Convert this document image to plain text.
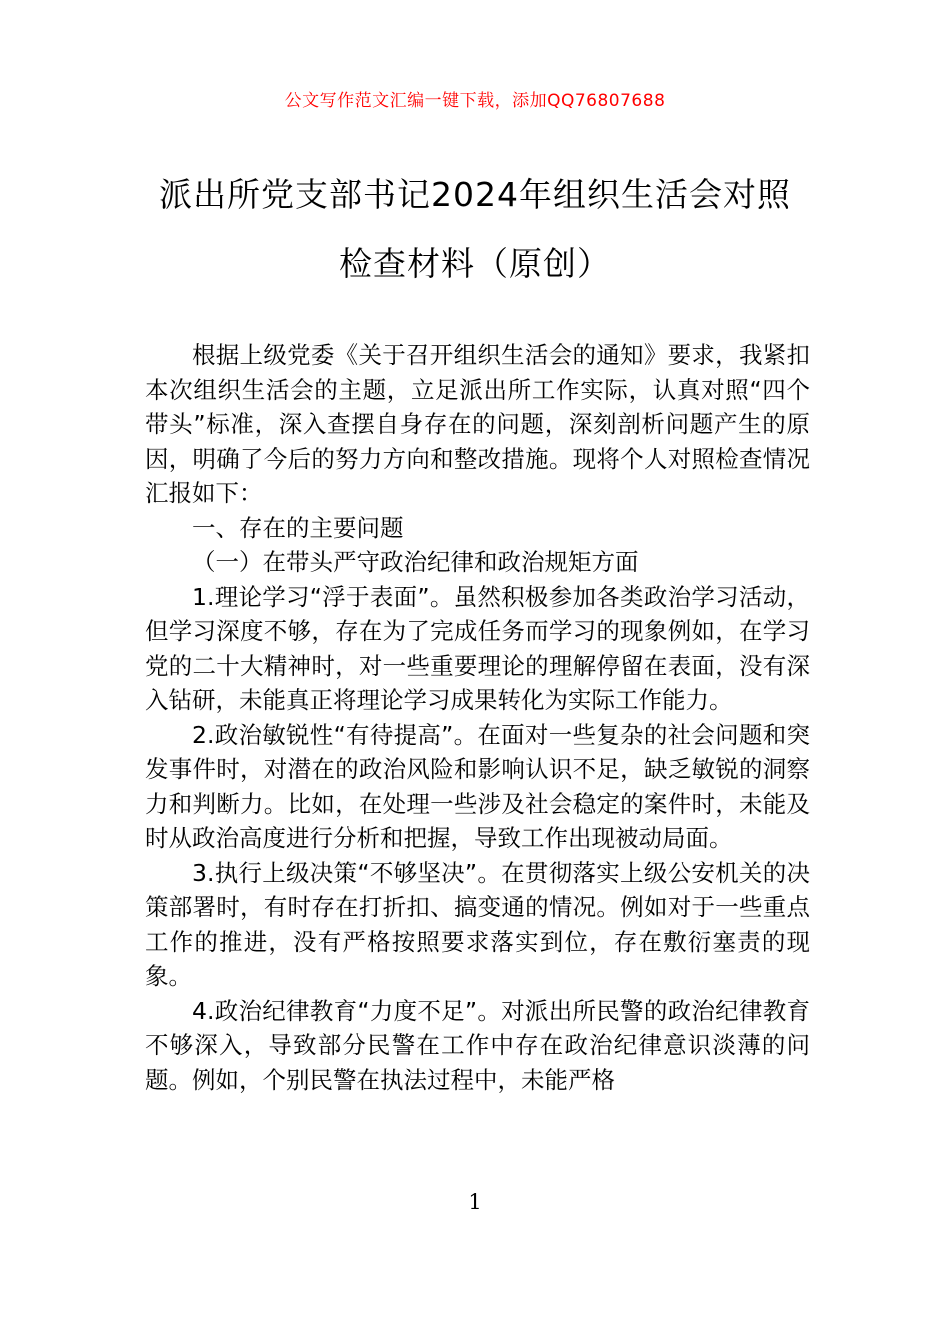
公文写作范文汇编一键下载，添加QQ76807688
派出所党支部书记2024年组织生活会对照
检查材料（原创）

根据上级党委《关于召开组织生活会的通知》要求，我紧扣本次组织生活会的主题，立足派出所工作实际，认真对照“四个带头”标准，深入查摆自身存在的问题，深刻剖析问题产生的原因，明确了今后的努力方向和整改措施。现将个人对照检查情况汇报如下：

一、存在的主要问题

（一）在带头严守政治纪律和政治规矩方面

1.理论学习“浮于表面”。虽然积极参加各类政治学习活动，但学习深度不够，存在为了完成任务而学习的现象例如，在学习党的二十大精神时，对一些重要理论的理解停留在表面，没有深入钻研，未能真正将理论学习成果转化为实际工作能力。

2.政治敏锐性“有待提高”。在面对一些复杂的社会问题和突发事件时，对潜在的政治风险和影响认识不足，缺乏敏锐的洞察力和判断力。比如，在处理一些涉及社会稳定的案件时，未能及时从政治高度进行分析和把握，导致工作出现被动局面。

3.执行上级决策“不够坚决”。在贯彻落实上级公安机关的决策部署时，有时存在打折扣、搞变通的情况。例如对于一些重点工作的推进，没有严格按照要求落实到位，存在敷衍塞责的现象。

4.政治纪律教育“力度不足”。对派出所民警的政治纪律教育不够深入，导致部分民警在工作中存在政治纪律意识淡薄的问题。例如，个别民警在执法过程中，未能严格

1
